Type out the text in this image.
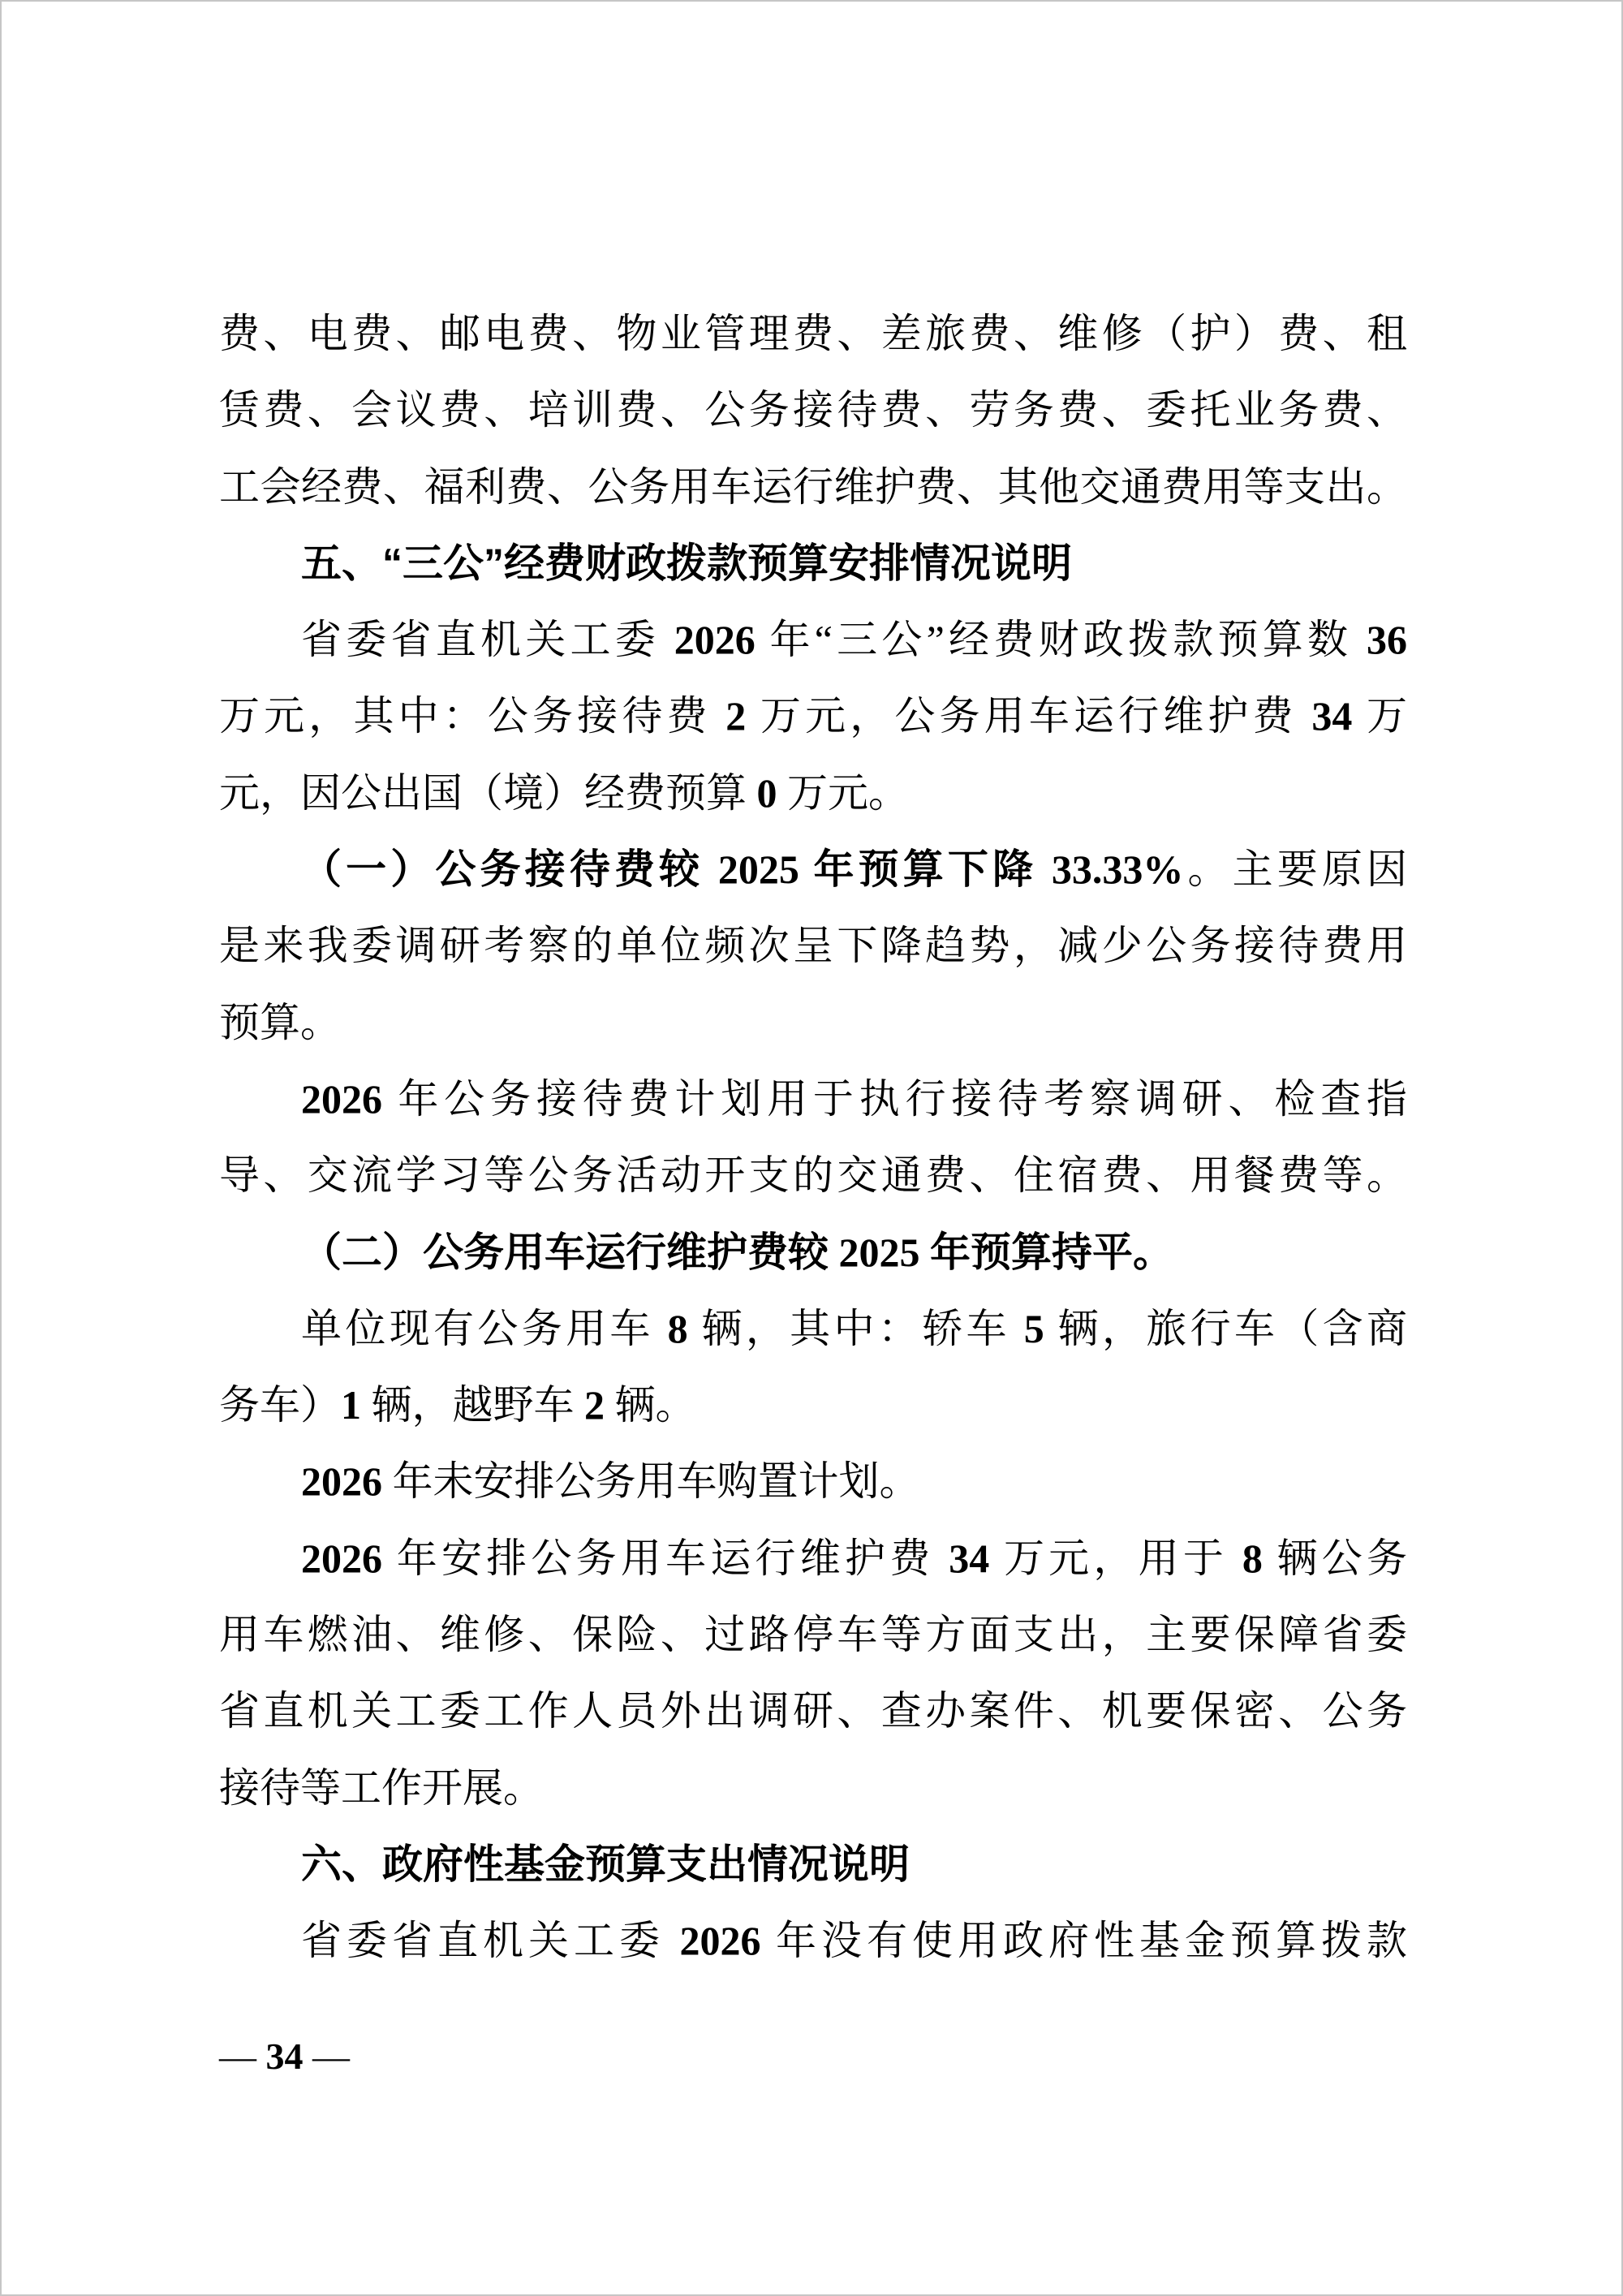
费、电费、邮电费、物业管理费、差旅费、维修（护）费、租
赁费、会议费、培训费、公务接待费、劳务费、委托业务费、
工会经费、福利费、公务用车运行维护费、其他交通费用等支出。
五、“三公”经费财政拨款预算安排情况说明
省委省直机关工委 2026 年“三公”经费财政拨款预算数 36
万元，其中：公务接待费 2 万元，公务用车运行维护费 34 万
元，因公出国（境）经费预算 0 万元。
（一）公务接待费较 2025 年预算下降 33.33%。主要原因
是来我委调研考察的单位频次呈下降趋势，减少公务接待费用
预算。
2026 年公务接待费计划用于执行接待考察调研、检查指
导、交流学习等公务活动开支的交通费、住宿费、用餐费等。
（二）公务用车运行维护费较 2025 年预算持平。
单位现有公务用车 8 辆，其中：轿车 5 辆，旅行车（含商
务车）1 辆，越野车 2 辆。
2026 年未安排公务用车购置计划。
2026 年安排公务用车运行维护费 34 万元，用于 8 辆公务
用车燃油、维修、保险、过路停车等方面支出，主要保障省委
省直机关工委工作人员外出调研、查办案件、机要保密、公务
接待等工作开展。
六、政府性基金预算支出情况说明
省委省直机关工委 2026 年没有使用政府性基金预算拨款
— 34 —
